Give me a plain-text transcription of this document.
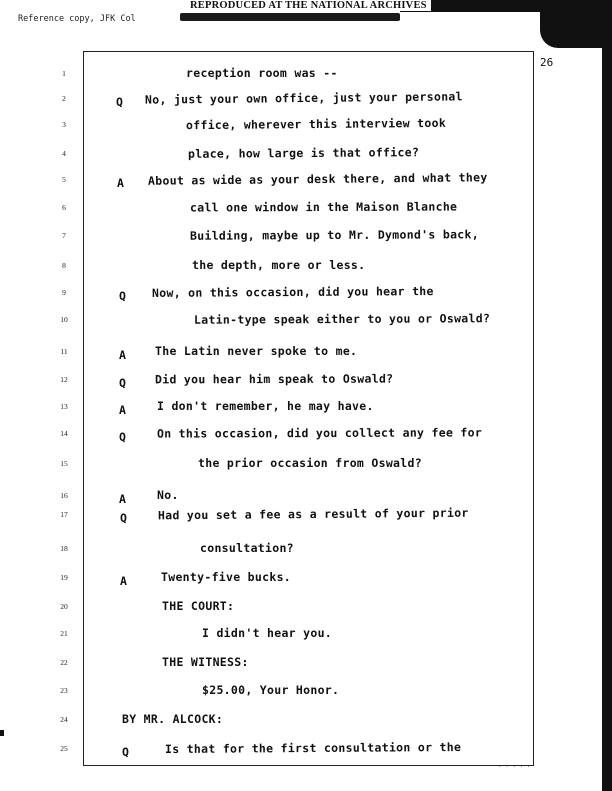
REPRODUCED AT THE NATIONAL ARCHIVES
Reference copy, JFK Col
26
1	reception room was --
2	Q No, just your own office, just your personal
3	office, wherever this interview took
4	place, how large is that office?
5	A About as wide as your desk there, and what they
6	call one window in the Maison Blanche
7	Building, maybe up to Mr. Dymond's back,
8	the depth, more or less.
9	Q Now, on this occasion, did you hear the
10	Latin-type speak either to you or Oswald?
11	A	The Latin never spoke to me.
12	Q	Did you hear him speak to Oswald?
13	A	I don't remember, he may have.
14	Q	On this occasion, did you collect any fee for
15	the prior occasion from Oswald?
16	A	No.
17	Q	Had you set a fee as a result of your prior
18	consultation?
19	A	Twenty-five bucks.
20	THE COURT:
21	I didn't hear you.
22	THE WITNESS:
23	$25.00, Your Honor.
24	BY MR. ALCOCK:
25	Q	Is that for the first consultation or the
. . . . .
